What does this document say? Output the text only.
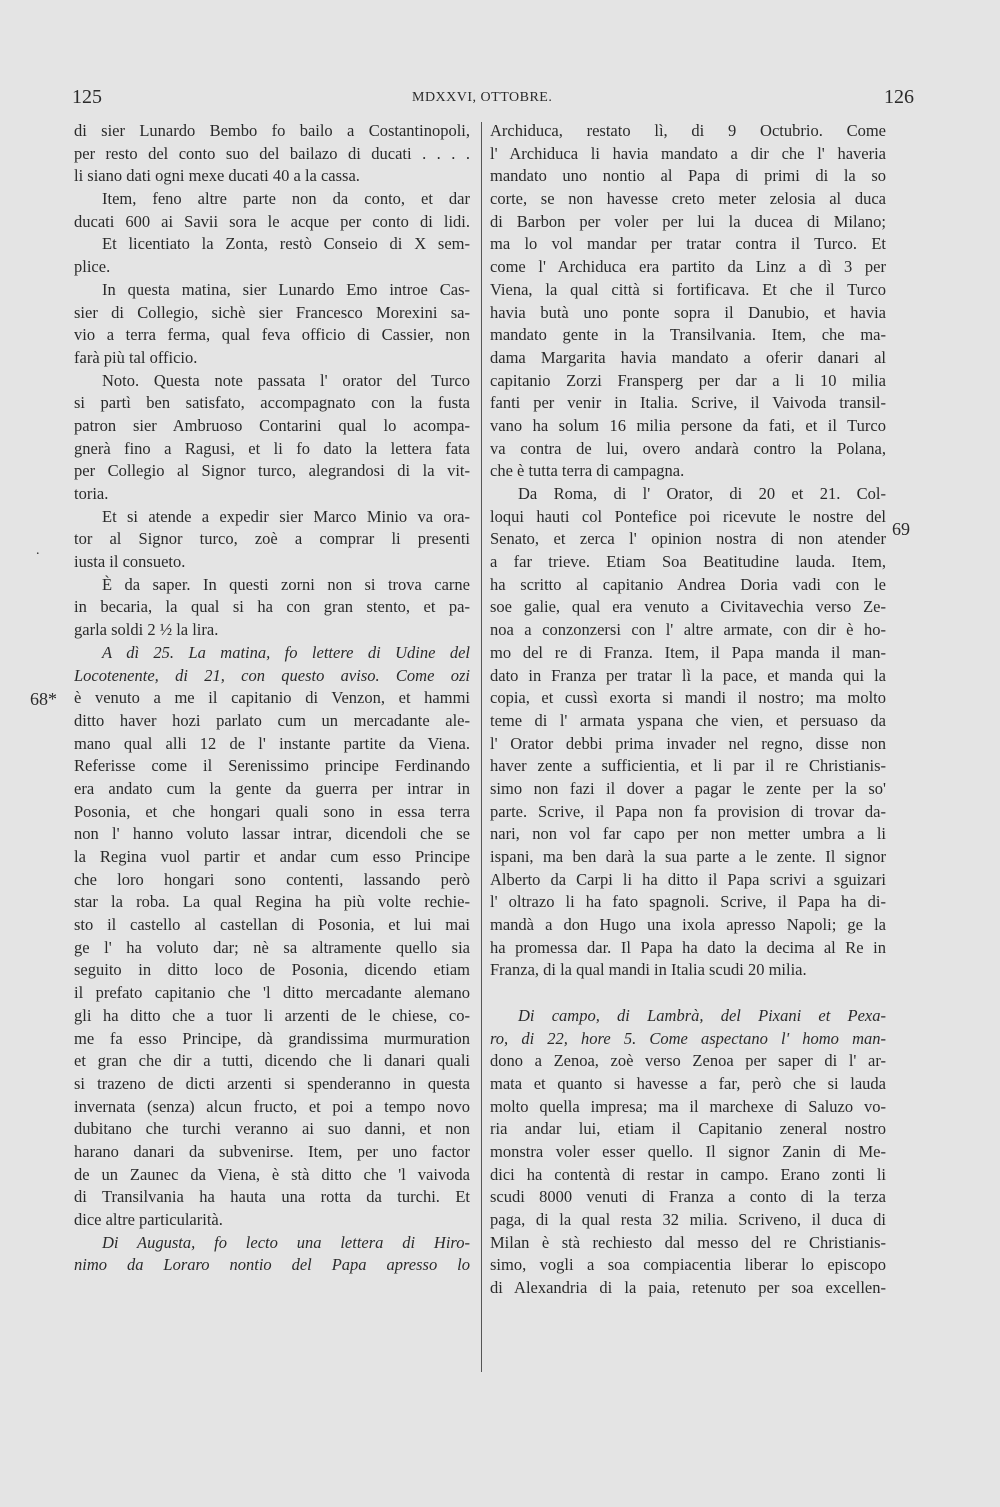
125	MDXXVI, OTTOBRE.	126
68*
69
.
di sier Lunardo Bembo fo bailo a Costantinopoli,
per resto del conto suo del bailazo di ducati . . . .
li siano dati ogni mexe ducati 40 a la cassa.
Item, feno altre parte non da conto, et dar
ducati 600 ai Savii sora le acque per conto di lidi.
Et licentiato la Zonta, restò Conseio di X sem-
plice.
In questa matina, sier Lunardo Emo introe Cas-
sier di Collegio, sichè sier Francesco Morexini sa-
vio a terra ferma, qual feva officio di Cassier, non
farà più tal officio.
Noto. Questa note passata l' orator del Turco
si partì ben satisfato, accompagnato con la fusta
patron sier Ambruoso Contarini qual lo acompa-
gnerà fino a Ragusi, et li fo dato la lettera fata
per Collegio al Signor turco, alegrandosi di la vit-
toria.
Et si atende a expedir sier Marco Minio va ora-
tor al Signor turco, zoè a comprar li presenti
iusta il consueto.
È da saper. In questi zorni non si trova carne
in becaria, la qual si ha con gran stento, et pa-
garla soldi 2 ½ la lira.
A dì 25. La matina, fo lettere di Udine del
Locotenente, di 21, con questo aviso. Come ozi
è venuto a me il capitanio di Venzon, et hammi
ditto haver hozi parlato cum un mercadante ale-
mano qual alli 12 de l' instante partite da Viena.
Referisse come il Serenissimo principe Ferdinando
era andato cum la gente da guerra per intrar in
Posonia, et che hongari quali sono in essa terra
non l' hanno voluto lassar intrar, dicendoli che se
la Regina vuol partir et andar cum esso Principe
che loro hongari sono contenti, lassando però
star la roba. La qual Regina ha più volte rechie-
sto il castello al castellan di Posonia, et lui mai
ge l' ha voluto dar; nè sa altramente quello sia
seguito in ditto loco de Posonia, dicendo etiam
il prefato capitanio che 'l ditto mercadante alemano
gli ha ditto che a tuor li arzenti de le chiese, co-
me fa esso Principe, dà grandissima murmuration
et gran che dir a tutti, dicendo che li danari quali
si trazeno de dicti arzenti si spenderanno in questa
invernata (senza) alcun fructo, et poi a tempo novo
dubitano che turchi veranno ai suo danni, et non
harano danari da subvenirse. Item, per uno factor
de un Zaunec da Viena, è stà ditto che 'l vaivoda
di Transilvania ha hauta una rotta da turchi. Et
dice altre particularità.
Di Augusta, fo lecto una lettera di Hiro-
nimo da Loraro nontio del Papa apresso lo
Archiduca, restato lì, di 9 Octubrio. Come
l' Archiduca li havia mandato a dir che l' haveria
mandato uno nontio al Papa di primi di la so
corte, se non havesse creto meter zelosia al duca
di Barbon per voler per lui la ducea di Milano;
ma lo vol mandar per tratar contra il Turco. Et
come l' Archiduca era partito da Linz a dì 3 per
Viena, la qual città si fortificava. Et che il Turco
havia butà uno ponte sopra il Danubio, et havia
mandato gente in la Transilvania. Item, che ma-
dama Margarita havia mandato a oferir danari al
capitanio Zorzi Fransperg per dar a li 10 milia
fanti per venir in Italia. Scrive, il Vaivoda transil-
vano ha solum 16 milia persone da fati, et il Turco
va contra de lui, overo andarà contro la Polana,
che è tutta terra di campagna.
Da Roma, di l' Orator, di 20 et 21. Col-
loqui hauti col Pontefice poi ricevute le nostre del
Senato, et zerca l' opinion nostra di non atender
a far trieve. Etiam Soa Beatitudine lauda. Item,
ha scritto al capitanio Andrea Doria vadi con le
soe galie, qual era venuto a Civitavechia verso Ze-
noa a conzonzersi con l' altre armate, con dir è ho-
mo del re di Franza. Item, il Papa manda il man-
dato in Franza per tratar lì la pace, et manda qui la
copia, et cussì exorta si mandi il nostro; ma molto
teme di l' armata yspana che vien, et persuaso da
l' Orator debbi prima invader nel regno, disse non
haver zente a sufficientia, et li par il re Christianis-
simo non fazi il dover a pagar le zente per la so'
parte. Scrive, il Papa non fa provision di trovar da-
nari, non vol far capo per non metter umbra a li
ispani, ma ben darà la sua parte a le zente. Il signor
Alberto da Carpi li ha ditto il Papa scrivi a sguizari
l' oltrazo li ha fato spagnoli. Scrive, il Papa ha di-
mandà a don Hugo una ixola apresso Napoli; ge la
ha promessa dar. Il Papa ha dato la decima al Re in
Franza, di la qual mandi in Italia scudi 20 milia.
Di campo, di Lambrà, del Pixani et Pexa-
ro, di 22, hore 5. Come aspectano l' homo man-
dono a Zenoa, zoè verso Zenoa per saper di l' ar-
mata et quanto si havesse a far, però che si lauda
molto quella impresa; ma il marchexe di Saluzo vo-
ria andar lui, etiam il Capitanio zeneral nostro
monstra voler esser quello. Il signor Zanin di Me-
dici ha contentà di restar in campo. Erano zonti li
scudi 8000 venuti di Franza a conto di la terza
paga, di la qual resta 32 milia. Scriveno, il duca di
Milan è stà rechiesto dal messo del re Christianis-
simo, vogli a soa compiacentia liberar lo episcopo
di Alexandria di la paia, retenuto per soa excellen-
